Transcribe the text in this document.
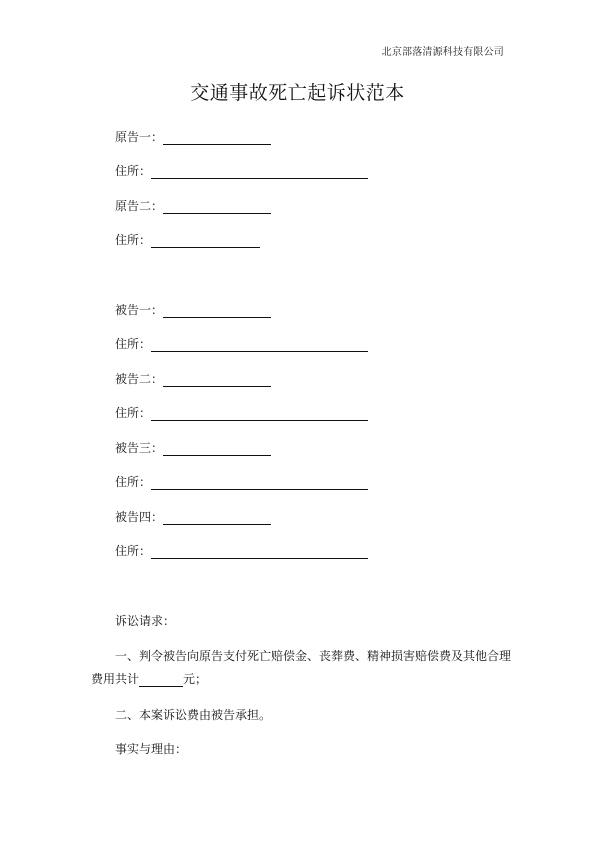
北京部落清源科技有限公司
交通事故死亡起诉状范本
原告一：
住所：
原告二：
住所：
被告一：
住所：
被告二：
住所：
被告三：
住所：
被告四：
住所：
诉讼请求：
一、判令被告向原告支付死亡赔偿金、丧葬费、精神损害赔偿费及其他合理
费用共计	元；
二、本案诉讼费由被告承担。
事实与理由：
